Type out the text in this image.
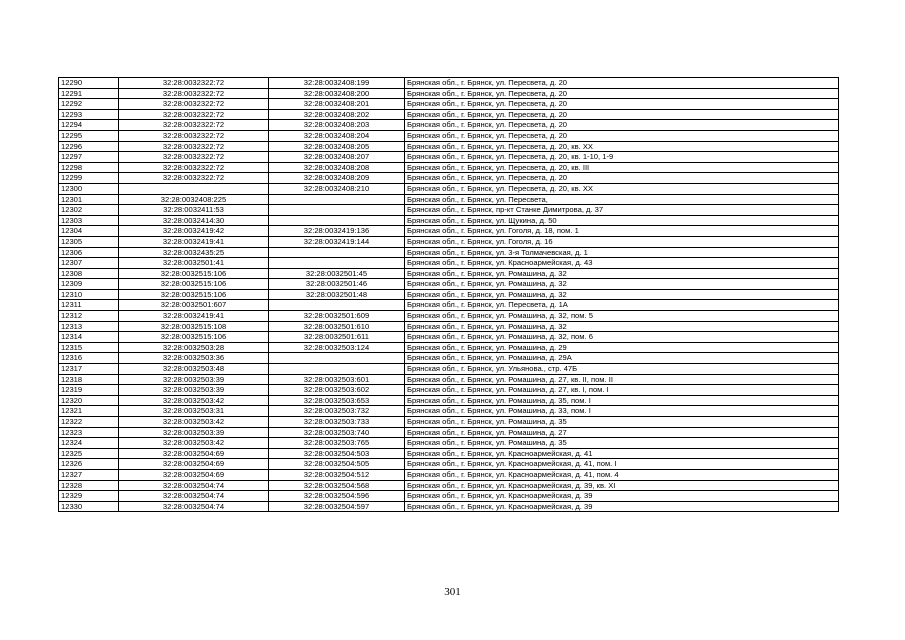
12290	32:28:0032322:72	32:28:0032408:199	Брянская обл., г. Брянск, ул. Пересвета, д. 20
12291	32:28:0032322:72	32:28:0032408:200	Брянская обл., г. Брянск, ул. Пересвета, д. 20
12292	32:28:0032322:72	32:28:0032408:201	Брянская обл., г. Брянск, ул. Пересвета, д. 20
12293	32:28:0032322:72	32:28:0032408:202	Брянская обл., г. Брянск, ул. Пересвета, д. 20
12294	32:28:0032322:72	32:28:0032408:203	Брянская обл., г. Брянск, ул. Пересвета, д. 20
12295	32:28:0032322:72	32:28:0032408:204	Брянская обл., г. Брянск, ул. Пересвета, д. 20
12296	32:28:0032322:72	32:28:0032408:205	Брянская обл., г. Брянск, ул. Пересвета, д. 20, кв. XX
12297	32:28:0032322:72	32:28:0032408:207	Брянская обл., г. Брянск, ул. Пересвета, д. 20, кв. 1-10, 1-9
12298	32:28:0032322:72	32:28:0032408:208	Брянская обл., г. Брянск, ул. Пересвета, д. 20, кв. III
12299	32:28:0032322:72	32:28:0032408:209	Брянская обл., г. Брянск, ул. Пересвета, д. 20
12300		32:28:0032408:210	Брянская обл., г. Брянск, ул. Пересвета, д. 20, кв. XX
12301	32:28:0032408:225		Брянская обл., г. Брянск, ул. Пересвета,
12302	32:28:0032411:53		Брянская обл., г. Брянск, пр-кт Станке Димитрова, д. 37
12303	32:28:0032414:30		Брянская обл., г. Брянск, ул. Щукина, д. 50
12304	32:28:0032419:42	32:28:0032419:136	Брянская обл., г. Брянск, ул. Гоголя, д. 18, пом. 1
12305	32:28:0032419:41	32:28:0032419:144	Брянская обл., г. Брянск, ул. Гоголя, д. 16
12306	32:28:0032435:25		Брянская обл., г. Брянск, ул. 3-я Толмачевская, д. 1
12307	32:28:0032501:41		Брянская обл., г. Брянск, ул. Красноармейская, д. 43
12308	32:28:0032515:106	32:28:0032501:45	Брянская обл., г. Брянск, ул. Ромашина, д. 32
12309	32:28:0032515:106	32:28:0032501:46	Брянская обл., г. Брянск, ул. Ромашина, д. 32
12310	32:28:0032515:106	32:28:0032501:48	Брянская обл., г. Брянск, ул. Ромашина, д. 32
12311	32:28:0032501:607		Брянская обл., г. Брянск, ул. Пересвета, д. 1А
12312	32:28:0032419:41	32:28:0032501:609	Брянская обл., г. Брянск, ул. Ромашина, д. 32, пом. 5
12313	32:28:0032515:108	32:28:0032501:610	Брянская обл., г. Брянск, ул. Ромашина, д. 32
12314	32:28:0032515:106	32:28:0032501:611	Брянская обл., г. Брянск, ул. Ромашина, д. 32, пом. 6
12315	32:28:0032503:28	32:28:0032503:124	Брянская обл., г. Брянск, ул. Ромашина, д. 29
12316	32:28:0032503:36		Брянская обл., г. Брянск, ул. Ромашина, д. 29А
12317	32:28:0032503:48		Брянская обл., г. Брянск, ул. Ульянова., стр. 47Б
12318	32:28:0032503:39	32:28:0032503:601	Брянская обл., г. Брянск, ул. Ромашина, д. 27, кв. II, пом. II
12319	32:28:0032503:39	32:28:0032503:602	Брянская обл., г. Брянск, ул. Ромашина, д. 27, кв. I, пом. I
12320	32:28:0032503:42	32:28:0032503:653	Брянская обл., г. Брянск, ул. Ромашина, д. 35, пом. I
12321	32:28:0032503:31	32:28:0032503:732	Брянская обл., г. Брянск, ул. Ромашина, д. 33, пом. I
12322	32:28:0032503:42	32:28:0032503:733	Брянская обл., г. Брянск, ул. Ромашина, д. 35
12323	32:28:0032503:39	32:28:0032503:740	Брянская обл., г. Брянск, ул. Ромашина, д. 27
12324	32:28:0032503:42	32:28:0032503:765	Брянская обл., г. Брянск, ул. Ромашина, д. 35
12325	32:28:0032504:69	32:28:0032504:503	Брянская обл., г. Брянск, ул. Красноармейская, д. 41
12326	32:28:0032504:69	32:28:0032504:505	Брянская обл., г. Брянск, ул. Красноармейская, д. 41, пом. I
12327	32:28:0032504:69	32:28:0032504:512	Брянская обл., г. Брянск, ул. Красноармейская, д. 41, пом. 4
12328	32:28:0032504:74	32:28:0032504:568	Брянская обл., г. Брянск, ул. Красноармейская, д. 39, кв. XI
12329	32:28:0032504:74	32:28:0032504:596	Брянская обл., г. Брянск, ул. Красноармейская, д. 39
12330	32:28:0032504:74	32:28:0032504:597	Брянская обл., г. Брянск, ул. Красноармейская, д. 39
301
